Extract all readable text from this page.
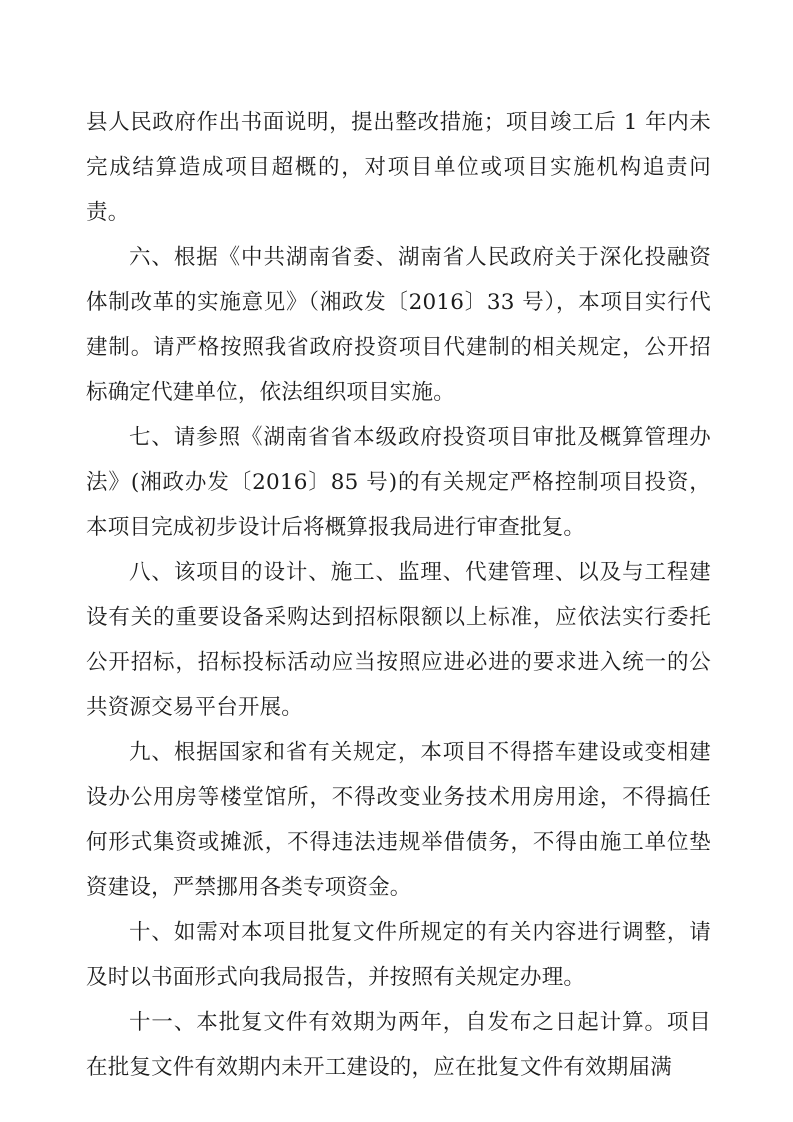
县人民政府作出书面说明，提出整改措施；项目竣工后 1 年内未完成结算造成项目超概的，对项目单位或项目实施机构追责问责。

六、根据《中共湖南省委、湖南省人民政府关于深化投融资体制改革的实施意见》（湘政发〔2016〕33 号），本项目实行代建制。请严格按照我省政府投资项目代建制的相关规定，公开招标确定代建单位，依法组织项目实施。

七、请参照《湖南省省本级政府投资项目审批及概算管理办法》(湘政办发〔2016〕85 号)的有关规定严格控制项目投资，本项目完成初步设计后将概算报我局进行审查批复。

八、该项目的设计、施工、监理、代建管理、以及与工程建设有关的重要设备采购达到招标限额以上标准，应依法实行委托公开招标，招标投标活动应当按照应进必进的要求进入统一的公共资源交易平台开展。

九、根据国家和省有关规定，本项目不得搭车建设或变相建设办公用房等楼堂馆所，不得改变业务技术用房用途，不得搞任何形式集资或摊派，不得违法违规举借债务，不得由施工单位垫资建设，严禁挪用各类专项资金。

十、如需对本项目批复文件所规定的有关内容进行调整，请及时以书面形式向我局报告，并按照有关规定办理。

十一、本批复文件有效期为两年，自发布之日起计算。项目在批复文件有效期内未开工建设的，应在批复文件有效期届满
